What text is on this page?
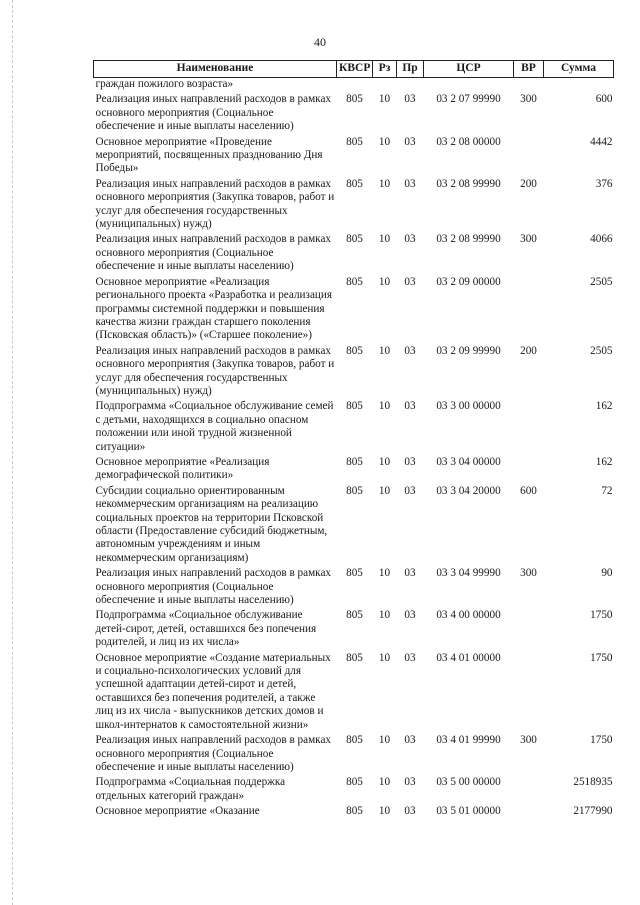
40
Наименование	КВСР	Рз	Пр	ЦСР	ВР	Сумма
граждан пожилого возраста»						
Реализация иных направлений расходов в рамках основного мероприятия (Социальное обеспечение и иные выплаты населению)	805	10	03	03 2 07 99990	300	600
Основное мероприятие «Проведение мероприятий, посвященных празднованию Дня Победы»	805	10	03	03 2 08 00000		4442
Реализация иных направлений расходов в рамках основного мероприятия (Закупка товаров, работ и услуг для обеспечения государственных (муниципальных) нужд)	805	10	03	03 2 08 99990	200	376
Реализация иных направлений расходов в рамках основного мероприятия (Социальное обеспечение и иные выплаты населению)	805	10	03	03 2 08 99990	300	4066
Основное мероприятие «Реализация регионального проекта «Разработка и реализация программы системной поддержки и повышения качества жизни граждан старшего поколения (Псковская область)» («Старшее поколение»)	805	10	03	03 2 09 00000		2505
Реализация иных направлений расходов в рамках основного мероприятия (Закупка товаров, работ и услуг для обеспечения государственных (муниципальных) нужд)	805	10	03	03 2 09 99990	200	2505
Подпрограмма «Социальное обслуживание семей с детьми, находящихся в социально опасном положении или иной трудной жизненной ситуации»	805	10	03	03 3 00 00000		162
Основное мероприятие «Реализация демографической политики»	805	10	03	03 3 04 00000		162
Субсидии социально ориентированным некоммерческим организациям на реализацию социальных проектов на территории Псковской области (Предоставление субсидий бюджетным, автономным учреждениям и иным некоммерческим организациям)	805	10	03	03 3 04 20000	600	72
Реализация иных направлений расходов в рамках основного мероприятия (Социальное обеспечение и иные выплаты населению)	805	10	03	03 3 04 99990	300	90
Подпрограмма «Социальное обслуживание детей-сирот, детей, оставшихся без попечения родителей, и лиц из их числа»	805	10	03	03 4 00 00000		1750
Основное мероприятие «Создание материальных и социально-психологических условий для успешной адаптации детей-сирот и детей, оставшихся без попечения родителей, а также лиц из их числа - выпускников детских домов и школ-интернатов к самостоятельной жизни»	805	10	03	03 4 01 00000		1750
Реализация иных направлений расходов в рамках основного мероприятия (Социальное обеспечение и иные выплаты населению)	805	10	03	03 4 01 99990	300	1750
Подпрограмма «Социальная поддержка отдельных категорий граждан»	805	10	03	03 5 00 00000		2518935
Основное мероприятие «Оказание	805	10	03	03 5 01 00000		2177990
